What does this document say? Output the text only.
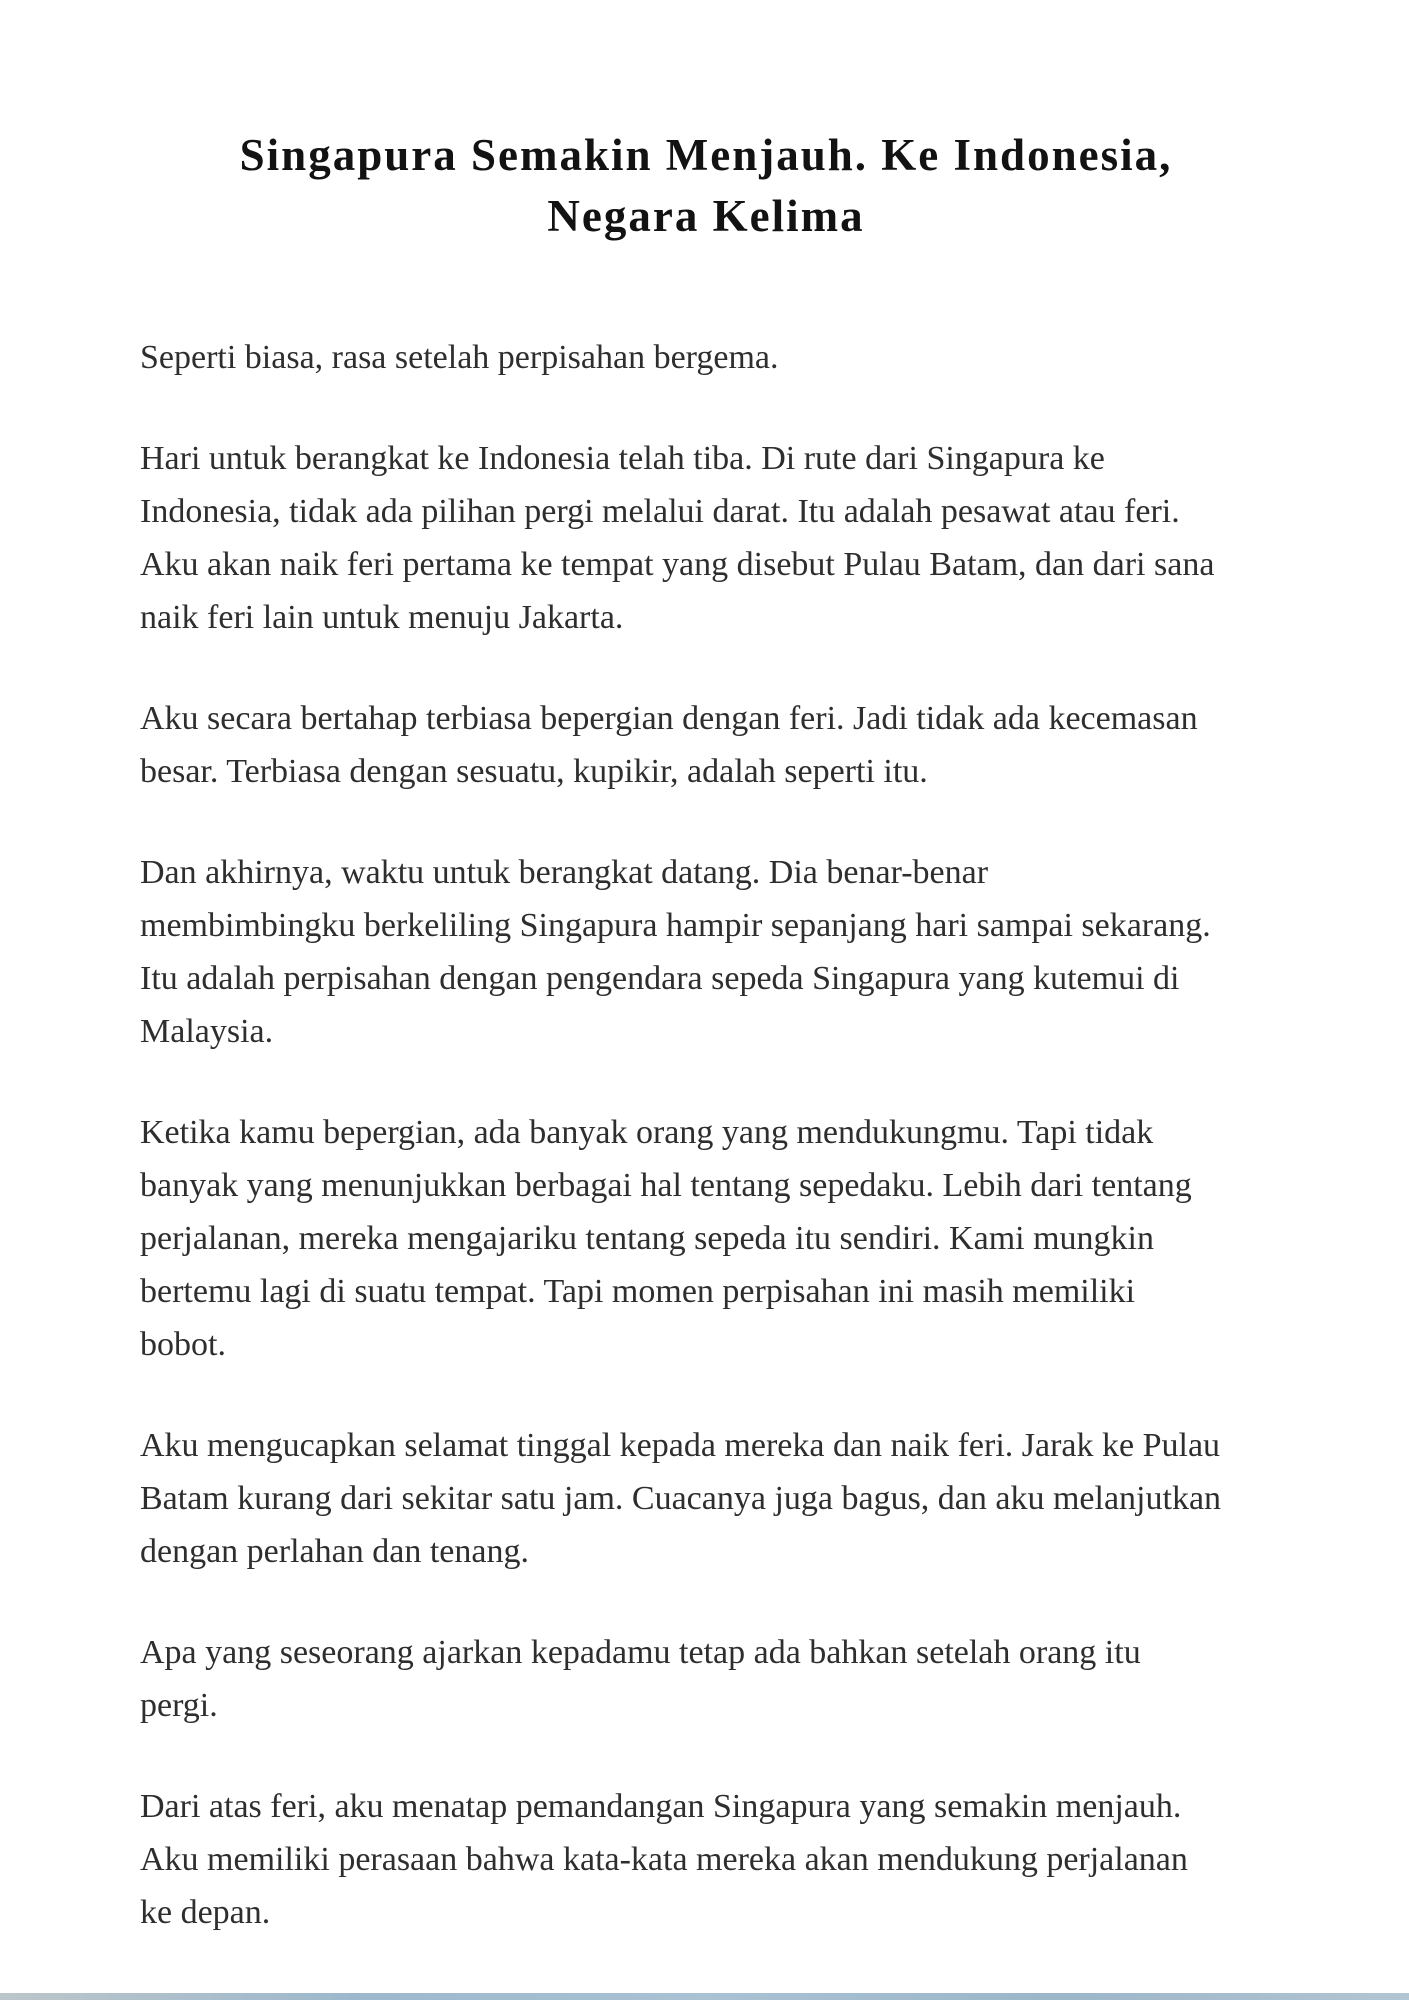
Singapura Semakin Menjauh. Ke Indonesia,
Negara Kelima
Seperti biasa, rasa setelah perpisahan bergema.
Hari untuk berangkat ke Indonesia telah tiba. Di rute dari Singapura ke
Indonesia, tidak ada pilihan pergi melalui darat. Itu adalah pesawat atau feri.
Aku akan naik feri pertama ke tempat yang disebut Pulau Batam, dan dari sana
naik feri lain untuk menuju Jakarta.
Aku secara bertahap terbiasa bepergian dengan feri. Jadi tidak ada kecemasan
besar. Terbiasa dengan sesuatu, kupikir, adalah seperti itu.
Dan akhirnya, waktu untuk berangkat datang. Dia benar-benar
membimbingku berkeliling Singapura hampir sepanjang hari sampai sekarang.
Itu adalah perpisahan dengan pengendara sepeda Singapura yang kutemui di
Malaysia.
Ketika kamu bepergian, ada banyak orang yang mendukungmu. Tapi tidak
banyak yang menunjukkan berbagai hal tentang sepedaku. Lebih dari tentang
perjalanan, mereka mengajariku tentang sepeda itu sendiri. Kami mungkin
bertemu lagi di suatu tempat. Tapi momen perpisahan ini masih memiliki
bobot.
Aku mengucapkan selamat tinggal kepada mereka dan naik feri. Jarak ke Pulau
Batam kurang dari sekitar satu jam. Cuacanya juga bagus, dan aku melanjutkan
dengan perlahan dan tenang.
Apa yang seseorang ajarkan kepadamu tetap ada bahkan setelah orang itu
pergi.
Dari atas feri, aku menatap pemandangan Singapura yang semakin menjauh.
Aku memiliki perasaan bahwa kata-kata mereka akan mendukung perjalanan
ke depan.
